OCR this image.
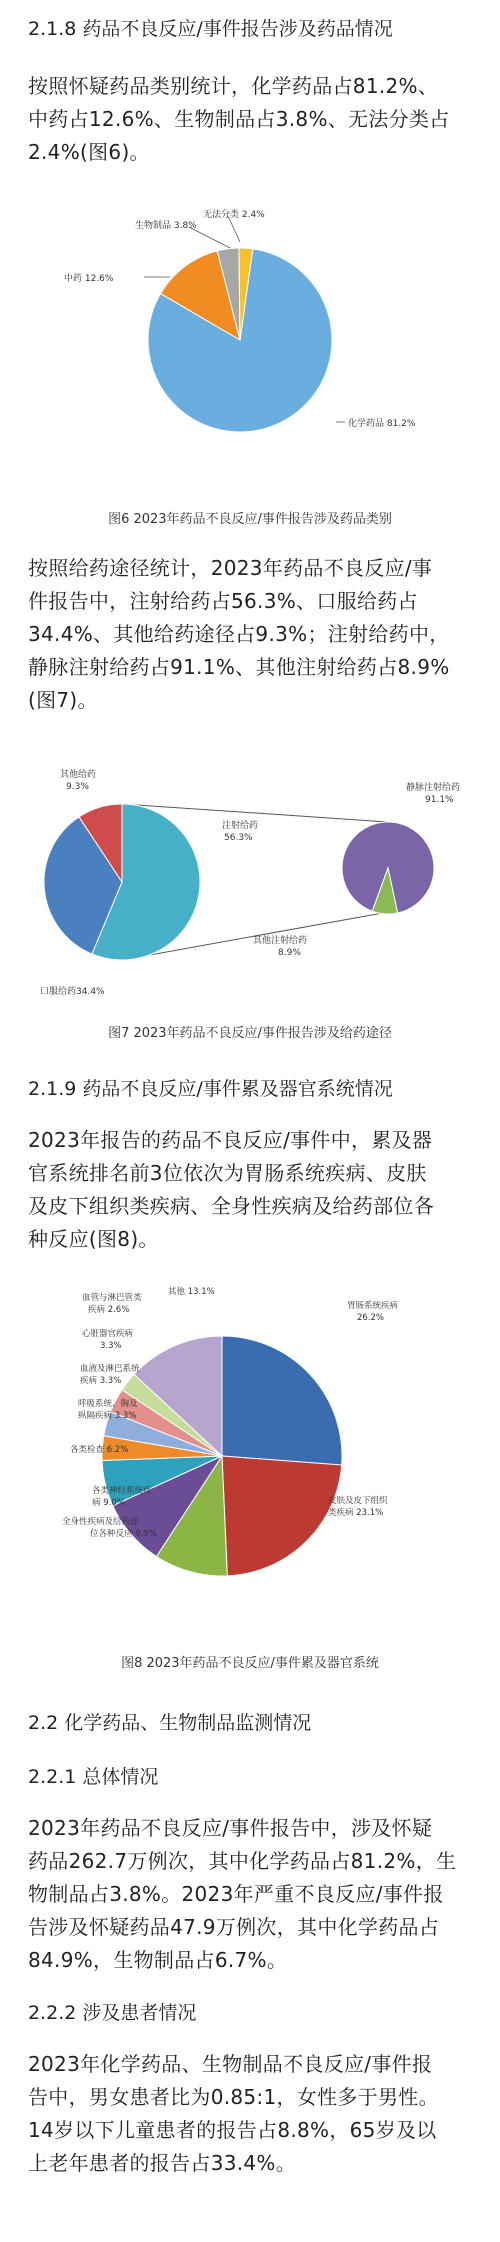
2.1.8 药品不良反应/事件报告涉及药品情况
按照怀疑药品类别统计，化学药品占81.2%、
中药占12.6%、生物制品占3.8%、无法分类占
2.4%(图6)。
化学药品 81.2%
中药 12.6%
生物制品 3.8%
无法分类 2.4%
图6 2023年药品不良反应/事件报告涉及药品类别
按照给药途径统计，2023年药品不良反应/事
件报告中，注射给药占56.3%、口服给药占
34.4%、其他给药途径占9.3%；注射给药中，
静脉注射给药占91.1%、其他注射给药占8.9%
(图7)。
其他给药
9.3%
注射给药
56.3%
口服给药34.4%
静脉注射给药
91.1%
其他注射给药
8.9%
图7 2023年药品不良反应/事件报告涉及给药途径
2.1.9 药品不良反应/事件累及器官系统情况
2023年报告的药品不良反应/事件中，累及器
官系统排名前3位依次为胃肠系统疾病、皮肤
及皮下组织类疾病、全身性疾病及给药部位各
种反应(图8)。
胃肠系统疾病
26.2%
皮肤及皮下组织
类疾病 23.1%
全身性疾病及给药部
位各种反应 9.9%
各类神经系统疾
病 9.0%
各类检查 6.2%
呼吸系统、胸及
纵隔疾病 3.3%
血液及淋巴系统
疾病 3.3%
心脏器官疾病
3.3%
血管与淋巴管类
疾病 2.6%
其他 13.1%
图8 2023年药品不良反应/事件累及器官系统
2.2 化学药品、生物制品监测情况
2.2.1 总体情况
2023年药品不良反应/事件报告中，涉及怀疑
药品262.7万例次，其中化学药品占81.2%，生
物制品占3.8%。2023年严重不良反应/事件报
告涉及怀疑药品47.9万例次，其中化学药品占
84.9%，生物制品占6.7%。
2.2.2 涉及患者情况
2023年化学药品、生物制品不良反应/事件报
告中，男女患者比为0.85:1，女性多于男性。
14岁以下儿童患者的报告占8.8%，65岁及以
上老年患者的报告占33.4%。
